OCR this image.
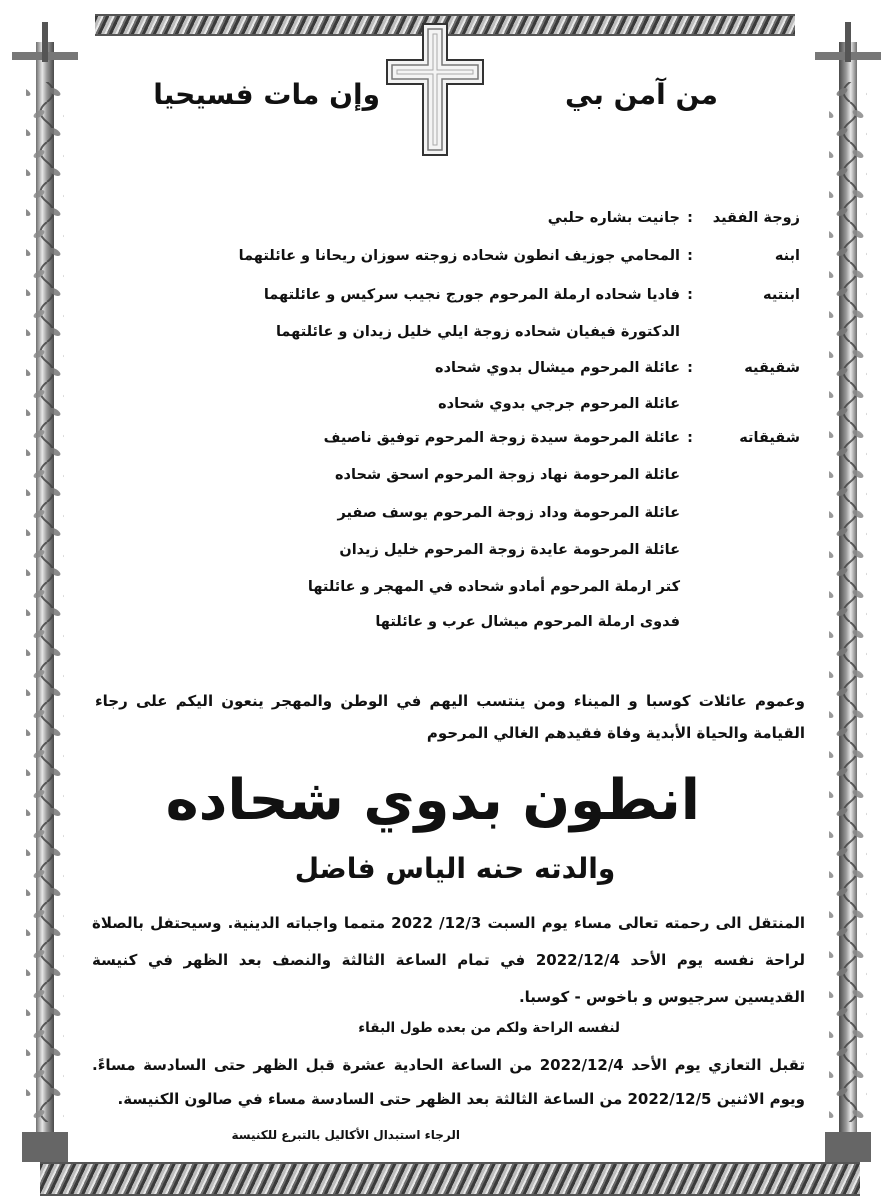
من آمن بي
وإن مات فسيحيا
زوجة الفقيد
:
جانيت بشاره حلبي
ابنه
:
المحامي جوزيف انطون شحاده زوجته سوزان ريحانا و عائلتهما
ابنتيه
:
فاديا شحاده ارملة المرحوم جورج نجيب سركيس و عائلتهما
الدكتورة فيفيان شحاده زوجة ايلي خليل زيدان و عائلتهما
شقيقيه
:
عائلة المرحوم ميشال بدوي شحاده
عائلة المرحوم جرجي بدوي شحاده
شقيقاته
:
عائلة المرحومة سيدة زوجة المرحوم توفيق ناصيف
عائلة المرحومة نهاد زوجة المرحوم اسحق شحاده
عائلة المرحومة وداد زوجة المرحوم يوسف صفير
عائلة المرحومة عايدة زوجة المرحوم خليل زيدان
كتر ارملة المرحوم أمادو شحاده في المهجر و عائلتها
فدوى ارملة المرحوم ميشال عرب و عائلتها
وعموم عائلات كوسبا و الميناء ومن ينتسب اليهم في الوطن والمهجر ينعون اليكم على رجاء القيامة والحياة الأبدية وفاة فقيدهم الغالي المرحوم
انطون بدوي شحاده
والدته حنه الياس فاضل
المنتقل الى رحمته تعالى مساء يوم السبت 12/3/ 2022 متمما واجباته الدينية. وسيحتفل بالصلاة لراحة نفسه يوم الأحد 2022/12/4 في تمام الساعة الثالثة والنصف بعد الظهر في كنيسة القديسين سرجيوس و باخوس - كوسبا.
لنفسه الراحة ولكم من بعده طول البقاء
تقبل التعازي يوم الأحد 2022/12/4 من الساعة الحادية عشرة قبل الظهر حتى السادسة مساءً. ويوم الاثنين 2022/12/5 من الساعة الثالثة بعد الظهر حتى السادسة مساء في صالون الكنيسة.
الرجاء استبدال الأكاليل بالتبرع للكنيسة
